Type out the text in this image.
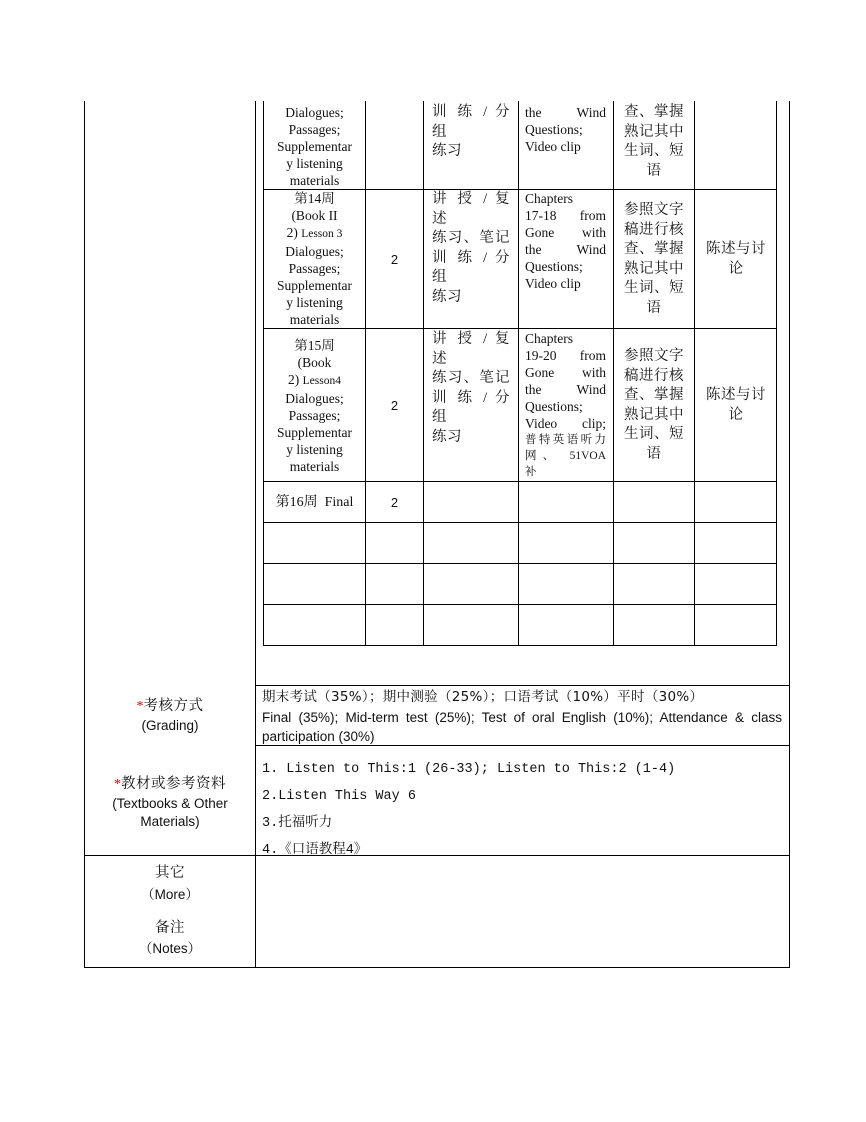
Dialogues;
Passages;
Supplementar
y listening
materials
训 练 / 分 组
练习
the Wind
Questions;
Video clip
查、掌握
熟记其中
生词、短
语
第14周
(Book II
2) Lesson 3
Dialogues;
Passages;
Supplementar
y listening
materials
2
讲 授 / 复 述
练习、笔记
训 练 / 分 组
练习
Chapters
17-18 from
Gone with
the Wind
Questions;
Video clip
参照文字
稿进行核
查、掌握
熟记其中
生词、短
语
陈述与讨
论
第15周
(Book
2) Lesson4
Dialogues;
Passages;
Supplementar
y listening
materials
2
讲 授 / 复 述
练习、笔记
训 练 / 分 组
练习
Chapters
19-20 from
Gone with
the Wind
Questions;
Video clip;
普特英语听力
网、 51VOA
补
参照文字
稿进行核
查、掌握
熟记其中
生词、短
语
陈述与讨
论
第16周 Final	2
*考核方式
(Grading)
期末考试（35%）；期中测验（25%）；口语考试（10%）平时（30%）
Final (35%); Mid-term test (25%); Test of oral English (10%); Attendance & class participation (30%)
*教材或参考资料
(Textbooks & Other
Materials)
1. Listen to This:1 (26-33); Listen to This:2 (1-4)
2.Listen This Way 6
3.托福听力
4.《口语教程4》
其它
（More）
备注
（Notes）
